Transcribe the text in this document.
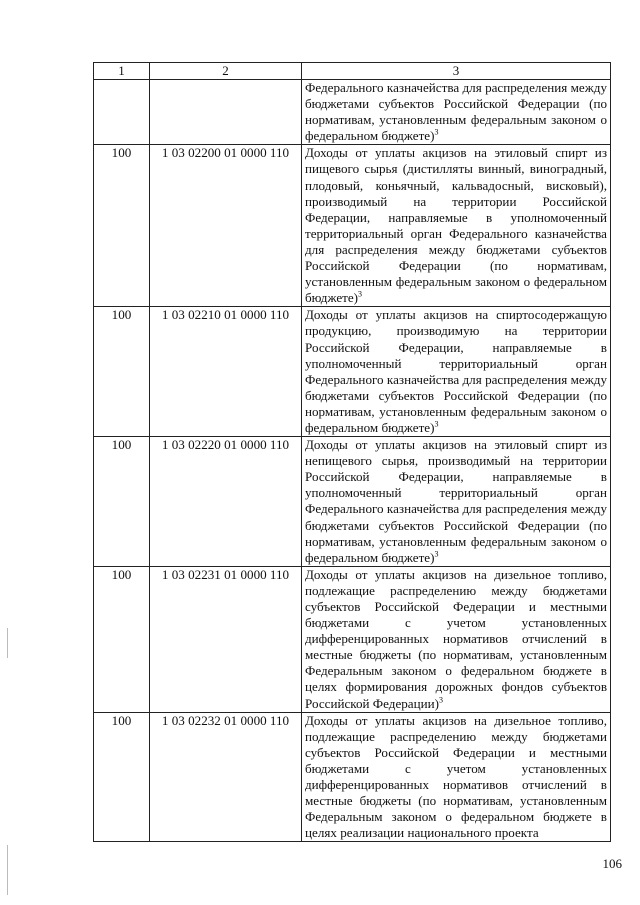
1	2	3
		Федерального казначейства для распределения между бюджетами субъектов Российской Федерации (по нормативам, установленным федеральным законом о федеральном бюджете)$^3$

100	1 03 02200 01 0000 110	Доходы от уплаты акцизов на этиловый спирт из пищевого сырья (дистилляты винный, виноградный, плодовый, коньячный, кальвадосный, висковый), производимый на территории Российской Федерации, направляемые в уполномоченный территориальный орган Федерального казначейства для распределения между бюджетами субъектов Российской Федерации (по нормативам, установленным федеральным законом о федеральном бюджете)$^3$

100	1 03 02210 01 0000 110	Доходы от уплаты акцизов на спиртосодержащую продукцию, производимую на территории Российской Федерации, направляемые в уполномоченный территориальный орган Федерального казначейства для распределения между бюджетами субъектов Российской Федерации (по нормативам, установленным федеральным законом о федеральном бюджете)$^3$

100	1 03 02220 01 0000 110	Доходы от уплаты акцизов на этиловый спирт из непищевого сырья, производимый на территории Российской Федерации, направляемые в уполномоченный территориальный орган Федерального казначейства для распределения между бюджетами субъектов Российской Федерации (по нормативам, установленным федеральным законом о федеральном бюджете)$^3$

100	1 03 02231 01 0000 110	Доходы от уплаты акцизов на дизельное топливо, подлежащие распределению между бюджетами субъектов Российской Федерации и местными бюджетами с учетом установленных дифференцированных нормативов отчислений в местные бюджеты (по нормативам, установленным Федеральным законом о федеральном бюджете в целях формирования дорожных фондов субъектов Российской Федерации)$^3$

100	1 03 02232 01 0000 110	Доходы от уплаты акцизов на дизельное топливо, подлежащие распределению между бюджетами субъектов Российской Федерации и местными бюджетами с учетом установленных дифференцированных нормативов отчислений в местные бюджеты (по нормативам, установленным Федеральным законом о федеральном бюджете в целях реализации национального проекта
106
